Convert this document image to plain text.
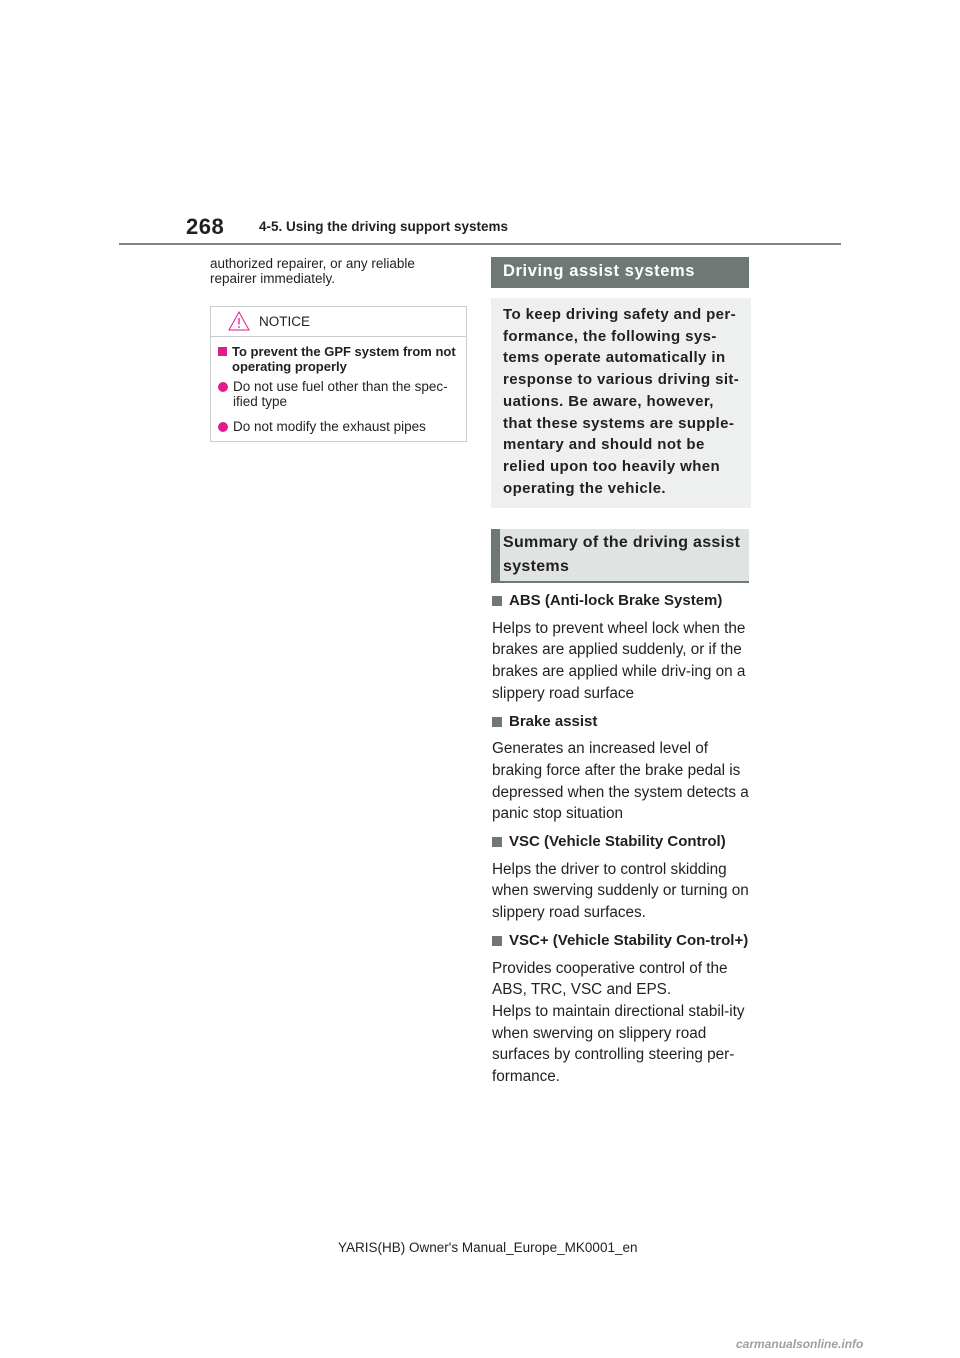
268	4-5. Using the driving support systems
authorized repairer, or any reliable repairer immediately.
NOTICE
To prevent the GPF system from not operating properly
Do not use fuel other than the spec-ified type
Do not modify the exhaust pipes
Driving assist systems
To keep driving safety and per-formance, the following sys-tems operate automatically in response to various driving sit-uations. Be aware, however, that these systems are supple-mentary and should not be relied upon too heavily when operating the vehicle.
Summary of the driving assist systems
ABS (Anti-lock Brake System)
Helps to prevent wheel lock when the brakes are applied suddenly, or if the brakes are applied while driv-ing on a slippery road surface
Brake assist
Generates an increased level of braking force after the brake pedal is depressed when the system detects a panic stop situation
VSC (Vehicle Stability Control)
Helps the driver to control skidding when swerving suddenly or turning on slippery road surfaces.
VSC+ (Vehicle Stability Con-trol+)
Provides cooperative control of the ABS, TRC, VSC and EPS.
Helps to maintain directional stabil-ity when swerving on slippery road surfaces by controlling steering per-formance.
YARIS(HB) Owner's Manual_Europe_MK0001_en
carmanualsonline.info
